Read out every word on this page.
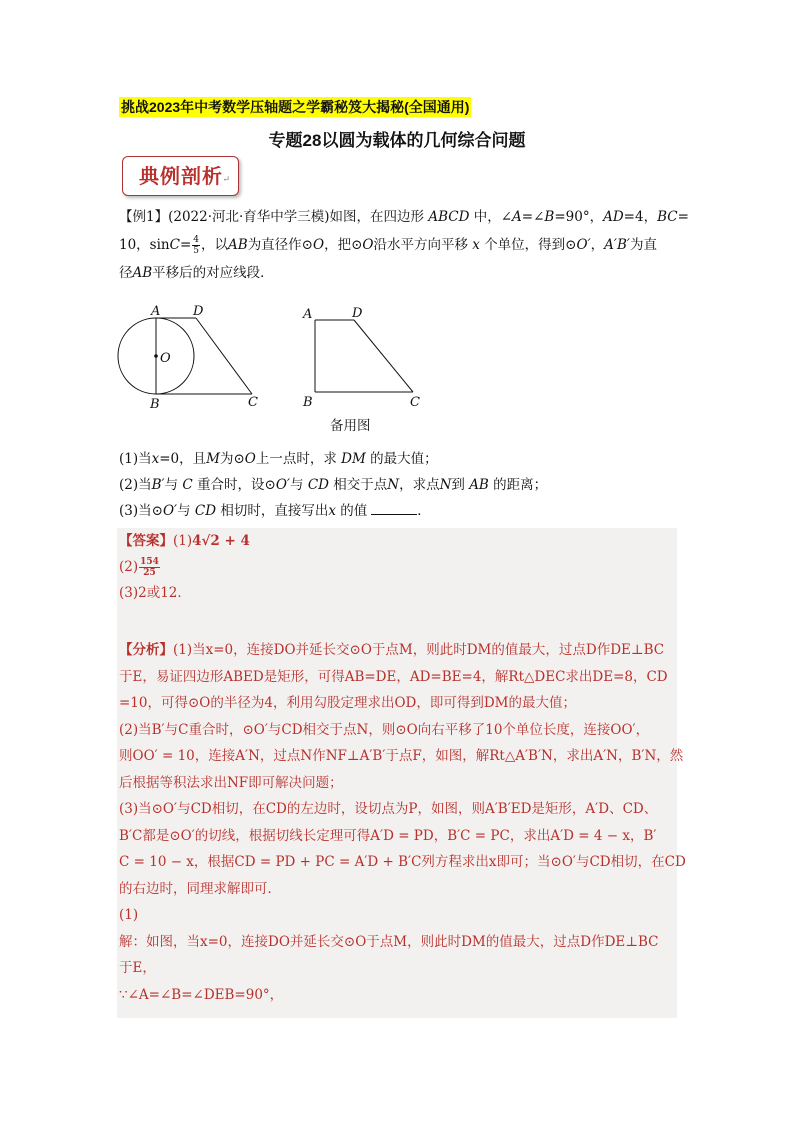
挑战2023年中考数学压轴题之学霸秘笈大揭秘(全国通用)
专题28以圆为载体的几何综合问题
典例剖析 ↵

【例1】(2022·河北·育华中学三模)如图，在四边形 ABCD 中，∠A=∠B=90°，AD=4，BC=

10，$\sin C= \frac{4}{5}$ ，以AB为直径作⊙O，把⊙O沿水平方向平移 x 个单位，得到⊙O′，A′B′为直

径AB平移后的对应线段．

A	D
O
B	C
A	D
B	C
备用图

(1)当x=0，且M为⊙O上一点时，求 DM 的最大值；

(2)当B′与 C 重合时，设⊙O′与 CD 相交于点N，求点N到 AB 的距离；

(3)当⊙O′与 CD 相切时，直接写出x 的值	．

【答案】(1)4√2 + 4

$(2) \frac{154}{25}$

(3)2或12．

【分析】(1)当x=0，连接DO并延长交⊙O于点M，则此时DM的值最大，过点D作DE⊥BC

于E，易证四边形ABED是矩形，可得AB=DE，AD=BE=4，解Rt△DEC求出DE=8，CD

=10，可得⊙O的半径为4，利用勾股定理求出OD，即可得到DM的最大值；

(2)当B′与C重合时，⊙O′与CD相交于点N，则⊙O向右平移了10个单位长度，连接OO′，

则OO′ = 10，连接A′N，过点N作NF⊥A′B′于点F，如图，解Rt△A′B′N，求出A′N，B′N，然

后根据等积法求出NF即可解决问题；

(3)当⊙O′与CD相切，在CD的左边时，设切点为P，如图，则A′B′ED是矩形，A′D、CD、

B′C都是⊙O′的切线，根据切线长定理可得A′D = PD，B′C = PC，求出A′D = 4 − x，B′

C = 10 − x，根据CD = PD + PC = A′D + B′C列方程求出x即可；当⊙O′与CD相切，在CD

的右边时，同理求解即可．

(1)

解：如图，当x=0，连接DO并延长交⊙O于点M，则此时DM的值最大，过点D作DE⊥BC

于E，

∵∠A=∠B=∠DEB=90°，
